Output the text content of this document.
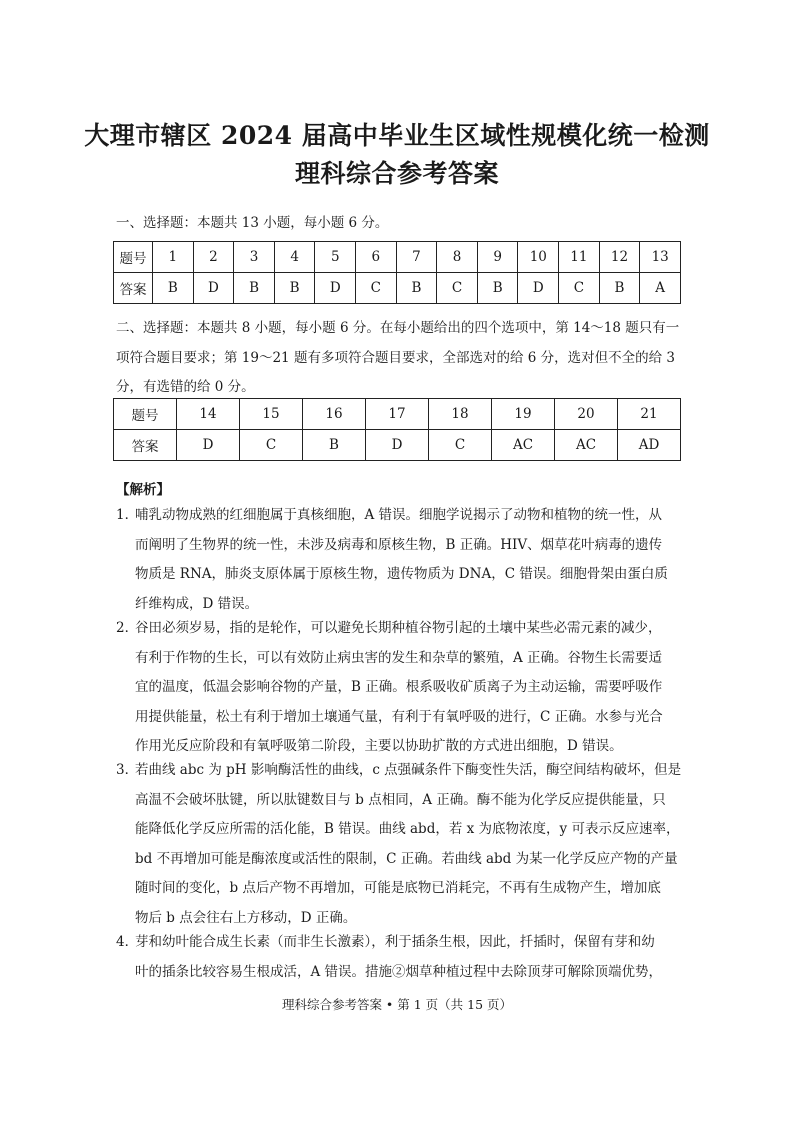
大理市辖区 2024 届高中毕业生区域性规模化统一检测
理科综合参考答案

一、选择题：本题共 13 小题，每小题 6 分。

题号	1	2	3	4	5	6	7	8	9	10	11	12	13
答案	B	D	B	B	D	C	B	C	B	D	C	B	A
二、选择题：本题共 8 小题，每小题 6 分。在每小题给出的四个选项中，第 14～18 题只有一
项符合题目要求；第 19～21 题有多项符合题目要求，全部选对的给 6 分，选对但不全的给 3
分，有选错的给 0 分。
题号	14	15	16	17	18	19	20	21
答案	D	C	B	D	C	AC	AC	AD

【解析】

1．

哺乳动物成熟的红细胞属于真核细胞，A 错误。细胞学说揭示了动物和植物的统一性，从
而阐明了生物界的统一性，未涉及病毒和原核生物，B 正确。HIV、烟草花叶病毒的遗传
物质是 RNA，肺炎支原体属于原核生物，遗传物质为 DNA，C 错误。细胞骨架由蛋白质
纤维构成，D 错误。

2．

谷田必须岁易，指的是轮作，可以避免长期种植谷物引起的土壤中某些必需元素的减少，
有利于作物的生长，可以有效防止病虫害的发生和杂草的繁殖，A 正确。谷物生长需要适
宜的温度，低温会影响谷物的产量，B 正确。根系吸收矿质离子为主动运输，需要呼吸作
用提供能量，松土有利于增加土壤通气量，有利于有氧呼吸的进行，C 正确。水参与光合
作用光反应阶段和有氧呼吸第二阶段，主要以协助扩散的方式进出细胞，D 错误。

3．

若曲线 abc 为 pH 影响酶活性的曲线，c 点强碱条件下酶变性失活，酶空间结构破坏，但是
高温不会破坏肽键，所以肽键数目与 b 点相同，A 正确。酶不能为化学反应提供能量，只
能降低化学反应所需的活化能，B 错误。曲线 abd，若 x 为底物浓度，y 可表示反应速率，
bd 不再增加可能是酶浓度或活性的限制，C 正确。若曲线 abd 为某一化学反应产物的产量
随时间的变化，b 点后产物不再增加，可能是底物已消耗完，不再有生成物产生，增加底
物后 b 点会往右上方移动，D 正确。

4．

芽和幼叶能合成生长素（而非生长激素），利于插条生根，因此，扦插时，保留有芽和幼
叶的插条比较容易生根成活，A 错误。措施②烟草种植过程中去除顶芽可解除顶端优势，

理科综合参考答案 • 第 1 页（共 15 页）
